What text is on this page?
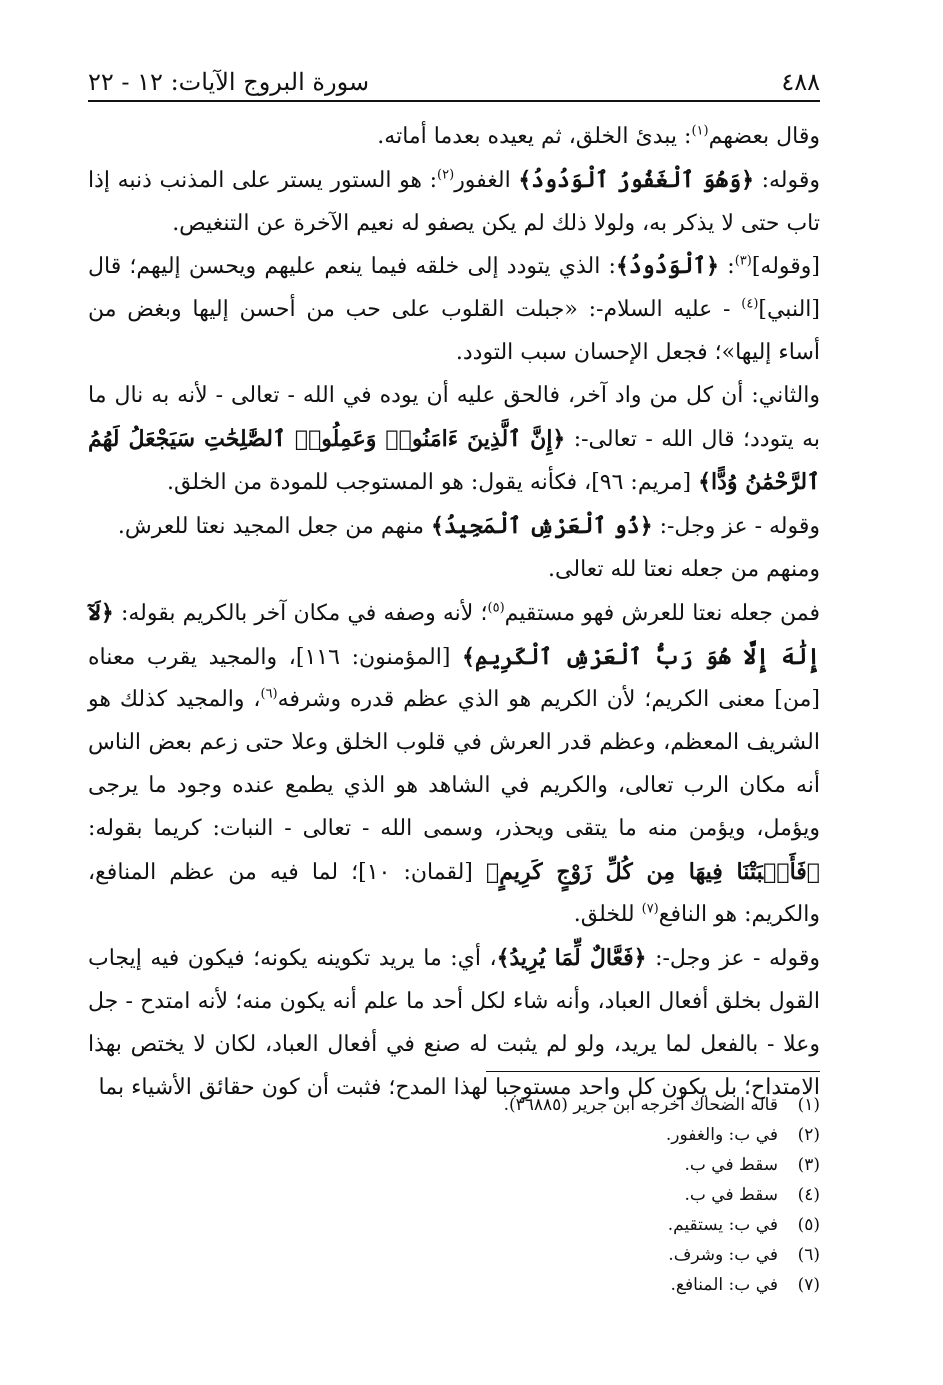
٤٨٨
سورة البروج الآيات: ١٢ - ٢٢

وقال بعضهم$^{(١)}$: يبدئ الخلق، ثم يعيده بعدما أماته.

وقوله: ﴿وَهُوَ ٱلْغَفُورُ ٱلْوَدُودُ﴾ الغفور$^{(٢)}$: هو الستور يستر على المذنب ذنبه إذا تاب حتى لا يذكر به، ولولا ذلك لم يكن يصفو له نعيم الآخرة عن التنغيص.

[وقوله]$^{(٣)}$: ﴿ٱلْوَدُودُ﴾: الذي يتودد إلى خلقه فيما ينعم عليهم ويحسن إليهم؛ قال [النبي]$^{(٤)}$ - عليه السلام-: «جبلت القلوب على حب من أحسن إليها وبغض من أساء إليها»؛ فجعل الإحسان سبب التودد.

والثاني: أن كل من واد آخر، فالحق عليه أن يوده في الله - تعالى - لأنه به نال ما به يتودد؛ قال الله - تعالى-: ﴿إِنَّ ٱلَّذِينَ ءَامَنُوا۟ وَعَمِلُوا۟ ٱلصَّٰلِحَٰتِ سَيَجْعَلُ لَهُمُ ٱلرَّحْمَٰنُ وُدًّا﴾ [مريم: ٩٦]، فكأنه يقول: هو المستوجب للمودة من الخلق.

وقوله - عز وجل-: ﴿ذُو ٱلْعَرْشِ ٱلْمَجِيدُ﴾ منهم من جعل المجيد نعتا للعرش.

ومنهم من جعله نعتا لله تعالى.

فمن جعله نعتا للعرش فهو مستقيم$^{(٥)}$؛ لأنه وصفه في مكان آخر بالكريم بقوله: ﴿لَآ إِلَٰهَ إِلَّا هُوَ رَبُّ ٱلْعَرْشِ ٱلْكَرِيمِ﴾ [المؤمنون: ١١٦]، والمجيد يقرب معناه [من] معنى الكريم؛ لأن الكريم هو الذي عظم قدره وشرفه$^{(٦)}$، والمجيد كذلك هو الشريف المعظم، وعظم قدر العرش في قلوب الخلق وعلا حتى زعم بعض الناس أنه مكان الرب تعالى، والكريم في الشاهد هو الذي يطمع عنده وجود ما يرجى ويؤمل، ويؤمن منه ما يتقى ويحذر، وسمى الله - تعالى - النبات: كريما بقوله: ﴿فَأَنۢبَتْنَا فِيهَا مِن كُلِّ زَوْجٍ كَرِيمٍ﴾ [لقمان: ١٠]؛ لما فيه من عظم المنافع، والكريم: هو النافع$^{(٧)}$ للخلق.

وقوله - عز وجل-: ﴿فَعَّالٌ لِّمَا يُرِيدُ﴾، أي: ما يريد تكوينه يكونه؛ فيكون فيه إيجاب القول بخلق أفعال العباد، وأنه شاء لكل أحد ما علم أنه يكون منه؛ لأنه امتدح - جل وعلا - بالفعل لما يريد، ولو لم يثبت له صنع في أفعال العباد، لكان لا يختص بهذا الامتداح؛ بل يكون كل واحد مستوجبا لهذا المدح؛ فثبت أن كون حقائق الأشياء بما

(١)
قاله الضحاك أخرجه ابن جرير (٣٦٨٨٥).
(٢)
في ب: والغفور.
(٣)
سقط في ب.
(٤)
سقط في ب.
(٥)
في ب: يستقيم.
(٦)
في ب: وشرف.
(٧)
في ب: المنافع.
